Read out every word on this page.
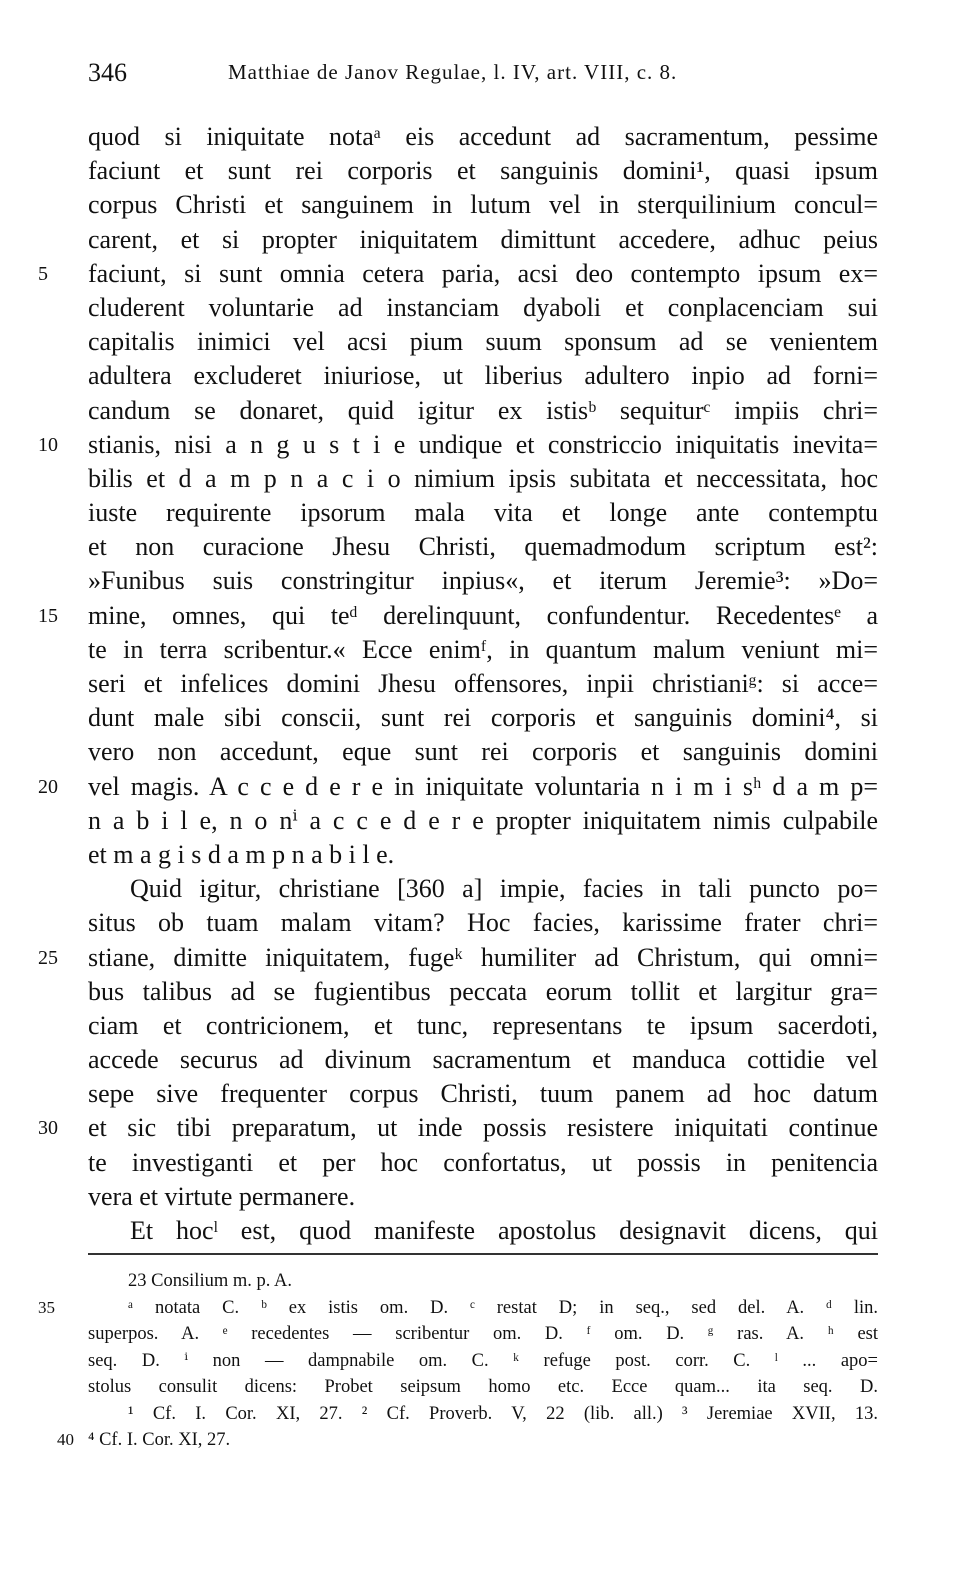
346	Matthiae de Janov Regulae, l. IV, art. VIII, c. 8.
quod si iniquitate notaᵃ eis accedunt ad sacramentum, pessime
faciunt et sunt rei corporis et sanguinis domini¹, quasi ipsum
corpus Christi et sanguinem in lutum vel in sterquilinium concul=
carent, et si propter iniquitatem dimittunt accedere, adhuc peius
5	faciunt, si sunt omnia cetera paria, acsi deo contempto ipsum ex=
cluderent voluntarie ad instanciam dyaboli et conplacenciam sui
capitalis inimici vel acsi pium suum sponsum ad se venientem
adultera excluderet iniuriose, ut liberius adultero inpio ad forni=
candum se donaret, quid igitur ex istisᵇ sequiturᶜ impiis chri=
10	stianis, nisi a n g u s t i e undique et constriccio iniquitatis inevita=
bilis et d a m p n a c i o nimium ipsis subitata et neccessitata, hoc
iuste requirente ipsorum mala vita et longe ante contemptu
et non curacione Jhesu Christi, quemadmodum scriptum est²:
»Funibus suis constringitur inpius«, et iterum Jeremie³: »Do=
15	mine, omnes, qui teᵈ derelinquunt, confundentur. Recedentesᵉ a
te in terra scribentur.« Ecce enimᶠ, in quantum malum veniunt mi=
seri et infelices domini Jhesu offensores, inpii christianiᵍ: si acce=
dunt male sibi conscii, sunt rei corporis et sanguinis domini⁴, si
vero non accedunt, eque sunt rei corporis et sanguinis domini
20	vel magis. A c c e d e r e in iniquitate voluntaria n i m i sʰ d a m p=
n a b i l e, n o nⁱ a c c e d e r e propter iniquitatem nimis culpabile
et m a g i s d a m p n a b i l e.
Quid igitur, christiane [360 a] impie, facies in tali puncto po=
situs ob tuam malam vitam? Hoc facies, karissime frater chri=
25	stiane, dimitte iniquitatem, fugeᵏ humiliter ad Christum, qui omni=
bus talibus ad se fugientibus peccata eorum tollit et largitur gra=
ciam et contricionem, et tunc, representans te ipsum sacerdoti,
accede securus ad divinum sacramentum et manduca cottidie vel
sepe sive frequenter corpus Christi, tuum panem ad hoc datum
30	et sic tibi preparatum, ut inde possis resistere iniquitati continue
te investiganti et per hoc confortatus, ut possis in penitencia
vera et virtute permanere.
Et hocˡ est, quod manifeste apostolus designavit dicens, qui
23 Consilium m. p. A.
35	ᵃ notata C. ᵇ ex istis om. D. ᶜ restat D; in seq., sed del. A. ᵈ lin.
superpos. A. ᵉ recedentes — scribentur om. D. ᶠ om. D. ᵍ ras. A. ʰ est
seq. D. ⁱ non — dampnabile om. C. ᵏ refuge post. corr. C. ˡ ... apo=
stolus consulit dicens: Probet seipsum homo etc. Ecce quam... ita seq. D.
¹ Cf. I. Cor. XI, 27. ² Cf. Proverb. V, 22 (lib. all.) ³ Jeremiae XVII, 13.
40 ⁴ Cf. I. Cor. XI, 27.
